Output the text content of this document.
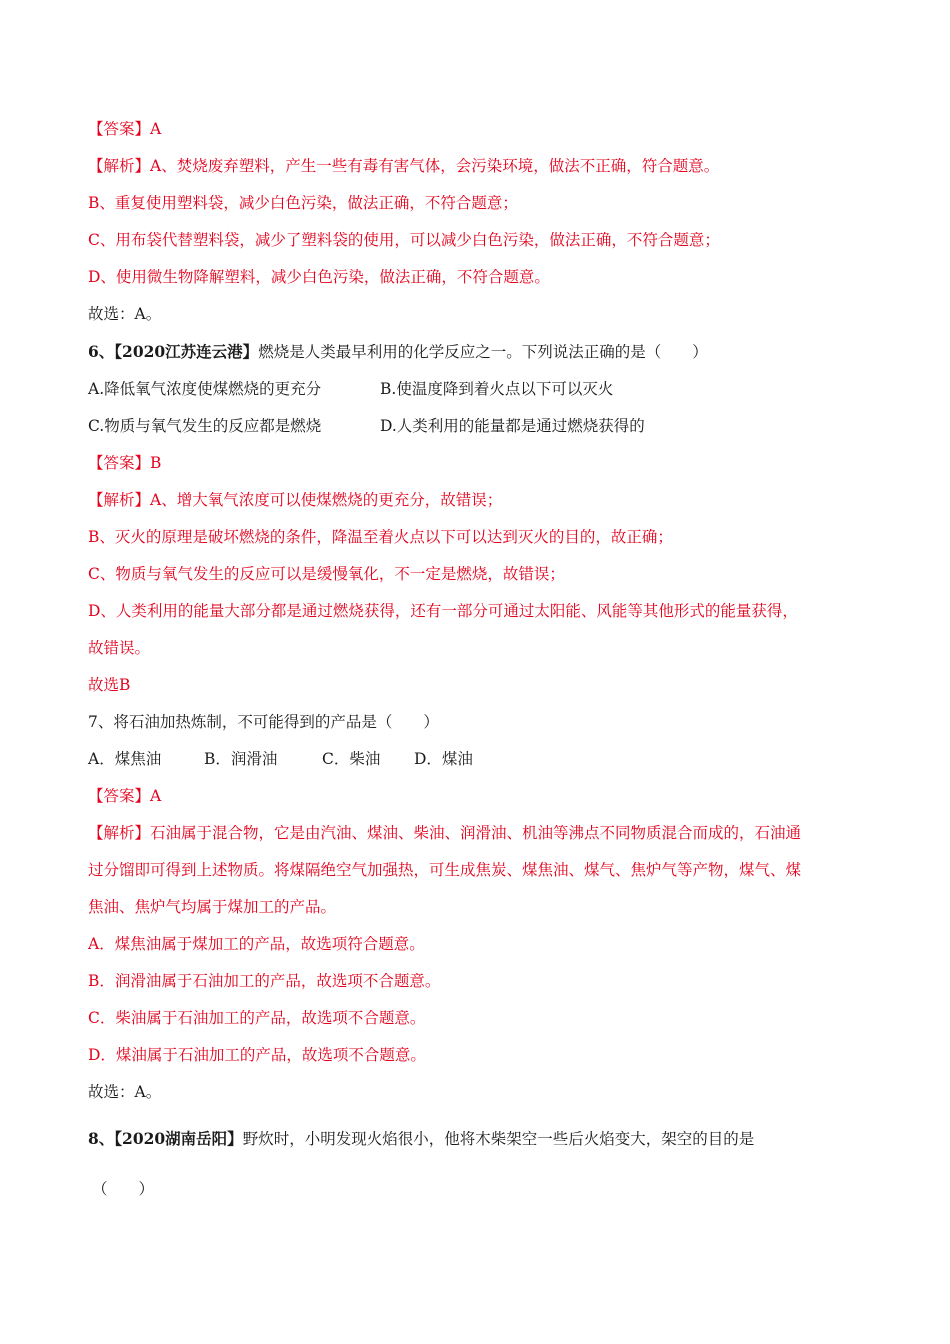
【答案】A
【解析】A、焚烧废弃塑料，产生一些有毒有害气体，会污染环境，做法不正确，符合题意。
B、重复使用塑料袋，减少白色污染，做法正确，不符合题意；
C、用布袋代替塑料袋，减少了塑料袋的使用，可以减少白色污染，做法正确，不符合题意；
D、使用微生物降解塑料，减少白色污染，做法正确，不符合题意。
故选：A。
6、【2020江苏连云港】燃烧是人类最早利用的化学反应之一。下列说法正确的是（　　）
A.降低氧气浓度使煤燃烧的更充分	B.使温度降到着火点以下可以灭火
C.物质与氧气发生的反应都是燃烧	D.人类利用的能量都是通过燃烧获得的
【答案】B
【解析】A、增大氧气浓度可以使煤燃烧的更充分，故错误；
B、灭火的原理是破坏燃烧的条件，降温至着火点以下可以达到灭火的目的，故正确；
C、物质与氧气发生的反应可以是缓慢氧化，不一定是燃烧，故错误；
D、人类利用的能量大部分都是通过燃烧获得，还有一部分可通过太阳能、风能等其他形式的能量获得，
故错误。
故选B
7、将石油加热炼制，不可能得到的产品是（　　）
A．煤焦油	B．润滑油	C．柴油 D．煤油
【答案】A
【解析】石油属于混合物，它是由汽油、煤油、柴油、润滑油、机油等沸点不同物质混合而成的，石油通
过分馏即可得到上述物质。将煤隔绝空气加强热，可生成焦炭、煤焦油、煤气、焦炉气等产物，煤气、煤
焦油、焦炉气均属于煤加工的产品。
A．煤焦油属于煤加工的产品，故选项符合题意。
B．润滑油属于石油加工的产品，故选项不合题意。
C．柴油属于石油加工的产品，故选项不合题意。
D．煤油属于石油加工的产品，故选项不合题意。
故选：A。
8、【2020湖南岳阳】野炊时，小明发现火焰很小，他将木柴架空一些后火焰变大，架空的目的是
（　　）
